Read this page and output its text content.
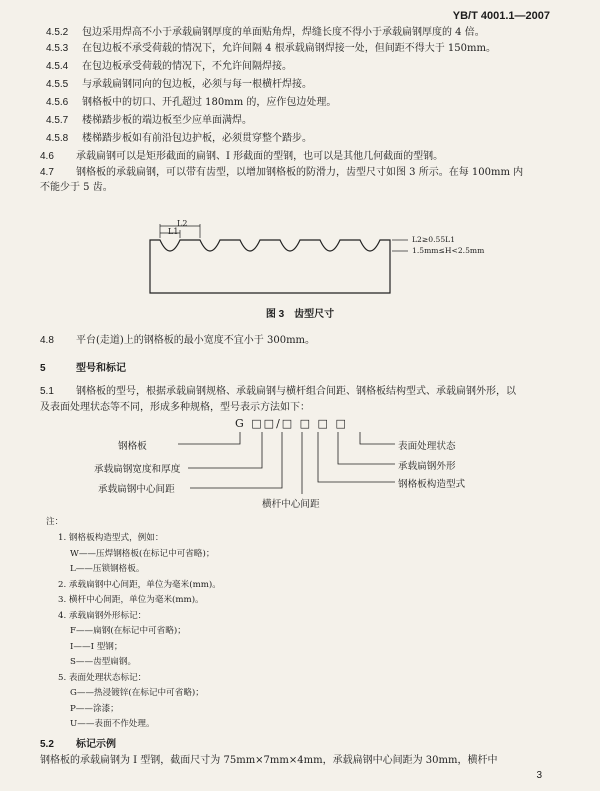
YB/T 4001.1—2007
4.5.2 包边采用焊高不小于承载扁钢厚度的单面贴角焊，焊缝长度不得小于承载扁钢厚度的 4 倍。
4.5.3 在包边板不承受荷载的情况下，允许间隔 4 根承载扁钢焊接一处，但间距不得大于 150mm。
4.5.4 在包边板承受荷载的情况下，不允许间隔焊接。
4.5.5 与承载扁钢同向的包边板，必须与每一根横杆焊接。
4.5.6 钢格板中的切口、开孔超过 180mm 的，应作包边处理。
4.5.7 楼梯踏步板的端边板至少应单面满焊。
4.5.8 楼梯踏步板如有前沿包边护板，必须贯穿整个踏步。
4.6 承载扁钢可以是矩形截面的扁钢、I 形截面的型钢，也可以是其他几何截面的型钢。
4.7 钢格板的承载扁钢，可以带有齿型，以增加钢格板的防滑力，齿型尺寸如图 3 所示。在每 100mm 内
不能少于 5 齿。
L2
L1
L2≥0.55L1
1.5mm≤H<2.5mm
图 3　齿型尺寸
4.8 平台(走道)上的钢格板的最小宽度不宜小于 300mm。
5	型号和标记
5.1 钢格板的型号，根据承载扁钢规格、承载扁钢与横杆组合间距、钢格板结构型式、承载扁钢外形，以
及表面处理状态等不同，形成多种规格，型号表示方法如下：
G □□/□ □ □ □
钢格板
承载扁钢宽度和厚度
承载扁钢中心间距
表面处理状态
承载扁钢外形
钢格板构造型式
横杆中心间距
注：
1. 钢格板构造型式，例如：
W——压焊钢格板(在标记中可省略)；
L——压锁钢格板。
2. 承载扁钢中心间距，单位为毫米(mm)。
3. 横杆中心间距，单位为毫米(mm)。
4. 承载扁钢外形标记：
F——扁钢(在标记中可省略)；
I——I 型钢；
S——齿型扁钢。
5. 表面处理状态标记：
G——热浸镀锌(在标记中可省略)；
P——涂漆；
U——表面不作处理。
5.2 标记示例
钢格板的承载扁钢为 I 型钢，截面尺寸为 75mm×7mm×4mm，承载扁钢中心间距为 30mm，横杆中
3
